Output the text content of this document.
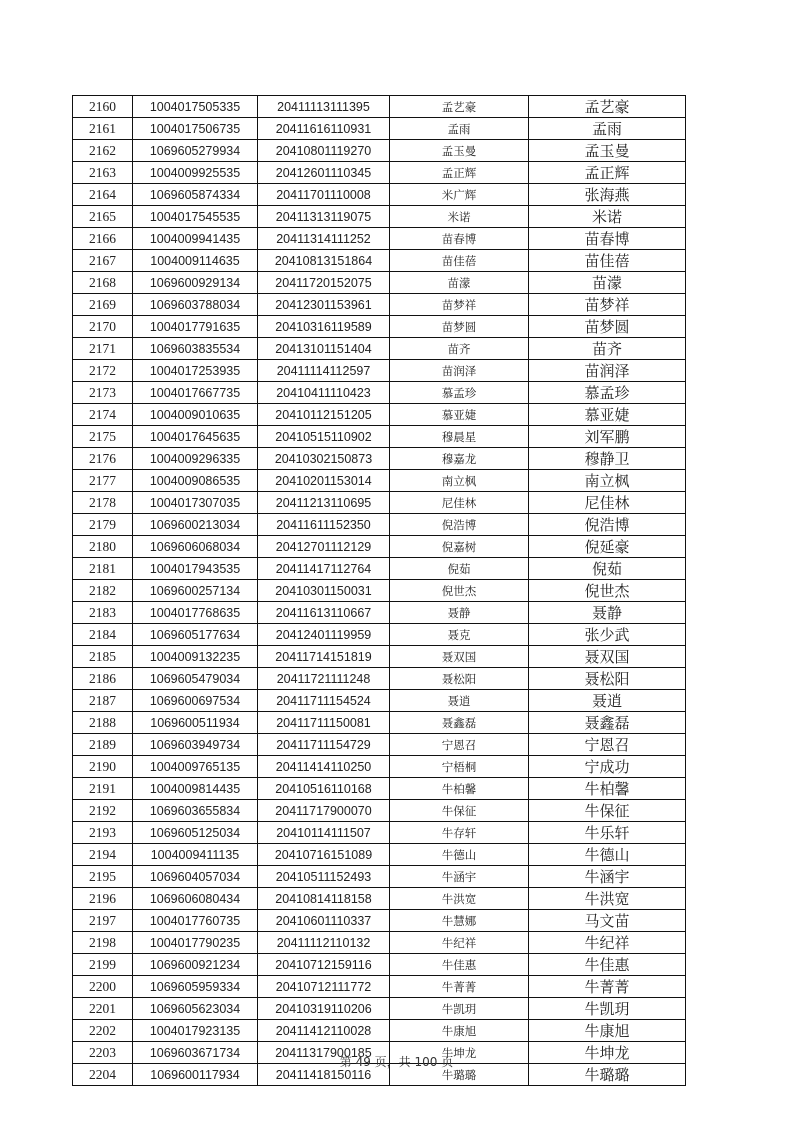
2160	1004017505335	20411113111395	孟艺豪	孟艺豪
2161	1004017506735	20411616110931	孟雨	孟雨
2162	1069605279934	20410801119270	孟玉曼	孟玉曼
2163	1004009925535	20412601110345	孟正辉	孟正辉
2164	1069605874334	20411701110008	米广辉	张海燕
2165	1004017545535	20411313119075	米诺	米诺
2166	1004009941435	20411314111252	苗春博	苗春博
2167	1004009114635	20410813151864	苗佳蓓	苗佳蓓
2168	1069600929134	20411720152075	苗濛	苗濛
2169	1069603788034	20412301153961	苗梦祥	苗梦祥
2170	1004017791635	20410316119589	苗梦圆	苗梦圆
2171	1069603835534	20413101151404	苗齐	苗齐
2172	1004017253935	20411114112597	苗润泽	苗润泽
2173	1004017667735	20410411110423	慕孟珍	慕孟珍
2174	1004009010635	20410112151205	慕亚婕	慕亚婕
2175	1004017645635	20410515110902	穆晨星	刘军鹏
2176	1004009296335	20410302150873	穆嘉龙	穆静卫
2177	1004009086535	20410201153014	南立枫	南立枫
2178	1004017307035	20411213110695	尼佳林	尼佳林
2179	1069600213034	20411611152350	倪浩博	倪浩博
2180	1069606068034	20412701112129	倪嘉树	倪延豪
2181	1004017943535	20411417112764	倪茹	倪茹
2182	1069600257134	20410301150031	倪世杰	倪世杰
2183	1004017768635	20411613110667	聂静	聂静
2184	1069605177634	20412401119959	聂克	张少武
2185	1004009132235	20411714151819	聂双国	聂双国
2186	1069605479034	20411721111248	聂松阳	聂松阳
2187	1069600697534	20411711154524	聂逍	聂逍
2188	1069600511934	20411711150081	聂鑫磊	聂鑫磊
2189	1069603949734	20411711154729	宁恩召	宁恩召
2190	1004009765135	20411414110250	宁梧桐	宁成功
2191	1004009814435	20410516110168	牛柏馨	牛柏馨
2192	1069603655834	20411717900070	牛保征	牛保征
2193	1069605125034	20410114111507	牛存轩	牛乐轩
2194	1004009411135	20410716151089	牛德山	牛德山
2195	1069604057034	20410511152493	牛涵宇	牛涵宇
2196	1069606080434	20410814118158	牛洪宽	牛洪宽
2197	1004017760735	20410601110337	牛慧娜	马文苗
2198	1004017790235	20411112110132	牛纪祥	牛纪祥
2199	1069600921234	20410712159116	牛佳惠	牛佳惠
2200	1069605959334	20410712111772	牛菁菁	牛菁菁
2201	1069605623034	20410319110206	牛凯玥	牛凯玥
2202	1004017923135	20411412110028	牛康旭	牛康旭
2203	1069603671734	20411317900185	牛坤龙	牛坤龙
2204	1069600117934	20411418150116	牛璐璐	牛璐璐
第 49 页，共 100 页
